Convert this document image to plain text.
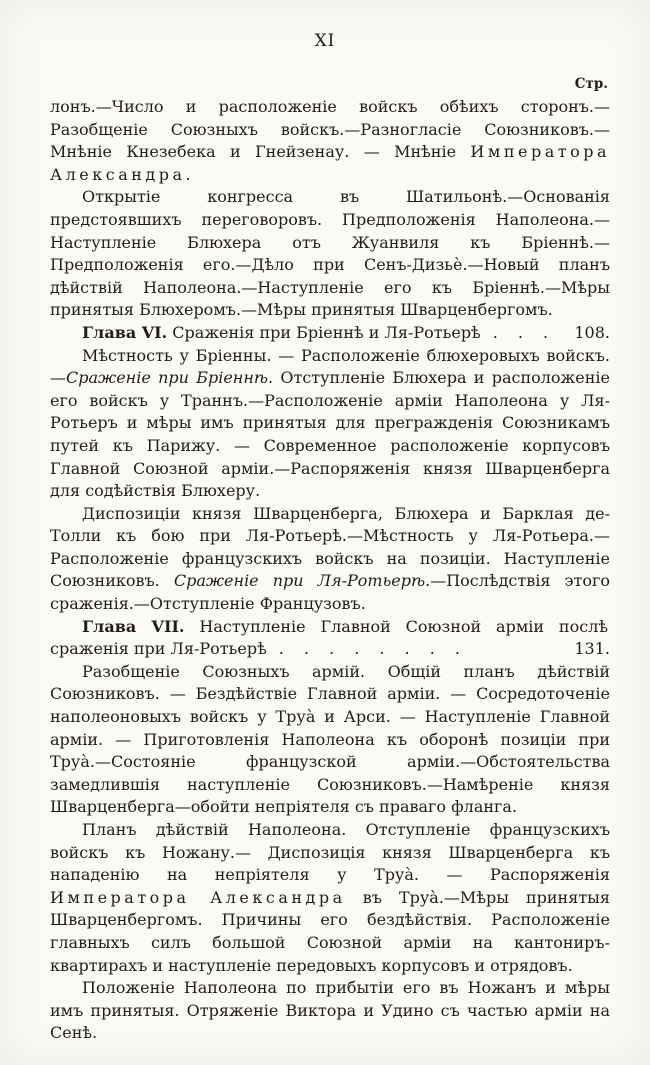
XI
Стр.

лонъ.—Число и расположеніе войскъ обѣихъ сторонъ.—Разобщеніе Союзныхъ войскъ.—Разногласіе Союзниковъ.—Мнѣніе Кнезебека и Гнейзенау. — Мнѣніе Императора Александра.

Открытіе конгресса въ Шатильонѣ.—Основанія предстоявшихъ переговоровъ. Предположенія Наполеона.—Наступленіе Блюхера отъ Жуанвиля къ Бріеннѣ.—Предположенія его.—Дѣло при Сенъ-Дизьè.—Новый планъ дѣйствій Наполеона.—Наступленіе его къ Бріеннѣ.—Мѣры принятыя Блюхеромъ.—Мѣры принятыя Шварценбергомъ.

Глава VI. Сраженія при Бріеннѣ и Ля-Ротьерѣ . . . 108.

Мѣстность у Бріенны. — Расположеніе блюхеровыхъ войскъ.—Сраженіе при Бріеннѣ. Отступленіе Блюхера и расположеніе его войскъ у Траннъ.—Расположеніе арміи Наполеона у Ля-Ротьеръ и мѣры имъ принятыя для прегражденія Союзникамъ путей къ Парижу. — Современное расположеніе корпусовъ Главной Союзной арміи.—Распоряженія князя Шварценберга для содѣйствія Блюхеру.

Диспозиціи князя Шварценберга, Блюхера и Барклая де-Толли къ бою при Ля-Ротьерѣ.—Мѣстность у Ля-Ротьера.—Расположеніе французскихъ войскъ на позиціи. Наступленіе Союзниковъ. Сраженіе при Ля-Ротьерѣ.—Послѣдствія этого сраженія.—Отступленіе Французовъ.

Глава VII. Наступленіе Главной Союзной арміи послѣ сраженія при Ля-Ротьерѣ . . . . . . . .	131.

Разобщеніе Союзныхъ армій. Общій планъ дѣйствій Союзниковъ. — Бездѣйствіе Главной арміи. — Сосредоточеніе наполеоновыхъ войскъ у Труà и Арси. — Наступленіе Главной арміи. — Приготовленія Наполеона къ оборонѣ позиціи при Труà.—Состояніе французской арміи.—Обстоятельства замедлившія наступленіе Союзниковъ.—Намѣреніе князя Шварценберга—обойти непріятеля съ праваго фланга.

Планъ дѣйствій Наполеона. Отступленіе французскихъ войскъ къ Ножану.— Диспозиція князя Шварценберга къ нападенію на непріятеля у Труà. — Распоряженія Императора Александра въ Труà.—Мѣры принятыя Шварценбергомъ. Причины его бездѣйствія. Расположеніе главныхъ силъ большой Союзной арміи на кантониръ-квартирахъ и наступленіе передовыхъ корпусовъ и отрядовъ.

Положеніе Наполеона по прибытіи его въ Ножанъ и мѣры имъ принятыя. Отряженіе Виктора и Удино съ частью арміи на Сенѣ.
